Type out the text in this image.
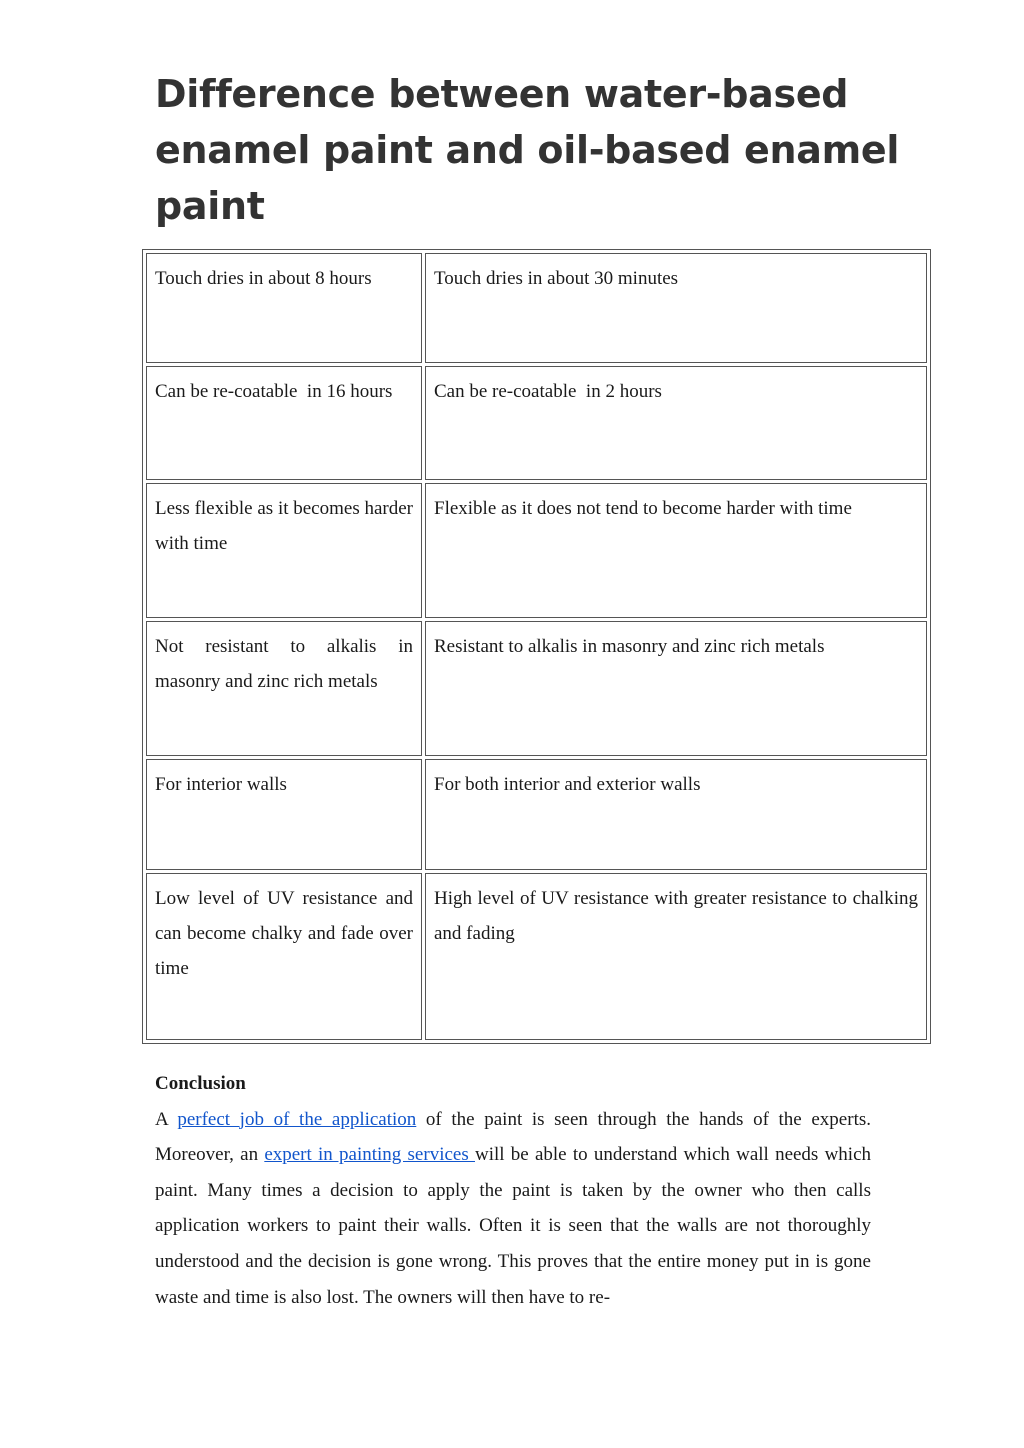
Difference between water-based enamel paint and oil-based enamel paint
Touch dries in about 8 hours	Touch dries in about 30 minutes
Can be re-coatable  in 16 hours	Can be re-coatable  in 2 hours
Less flexible as it becomes harder with time	Flexible as it does not tend to become harder with time
Not resistant to alkalis in masonry and zinc rich metals	Resistant to alkalis in masonry and zinc rich metals
For interior walls	For both interior and exterior walls
Low level of UV resistance and can become chalky and fade over time	High level of UV resistance with greater resistance to chalking and fading

Conclusion

A perfect job of the application of the paint is seen through the hands of the experts. Moreover, an expert in painting services will be able to understand which wall needs which paint. Many times a decision to apply the paint is taken by the owner who then calls application workers to paint their walls. Often it is seen that the walls are not thoroughly understood and the decision is gone wrong. This proves that the entire money put in is gone waste and time is also lost. The owners will then have to re-
